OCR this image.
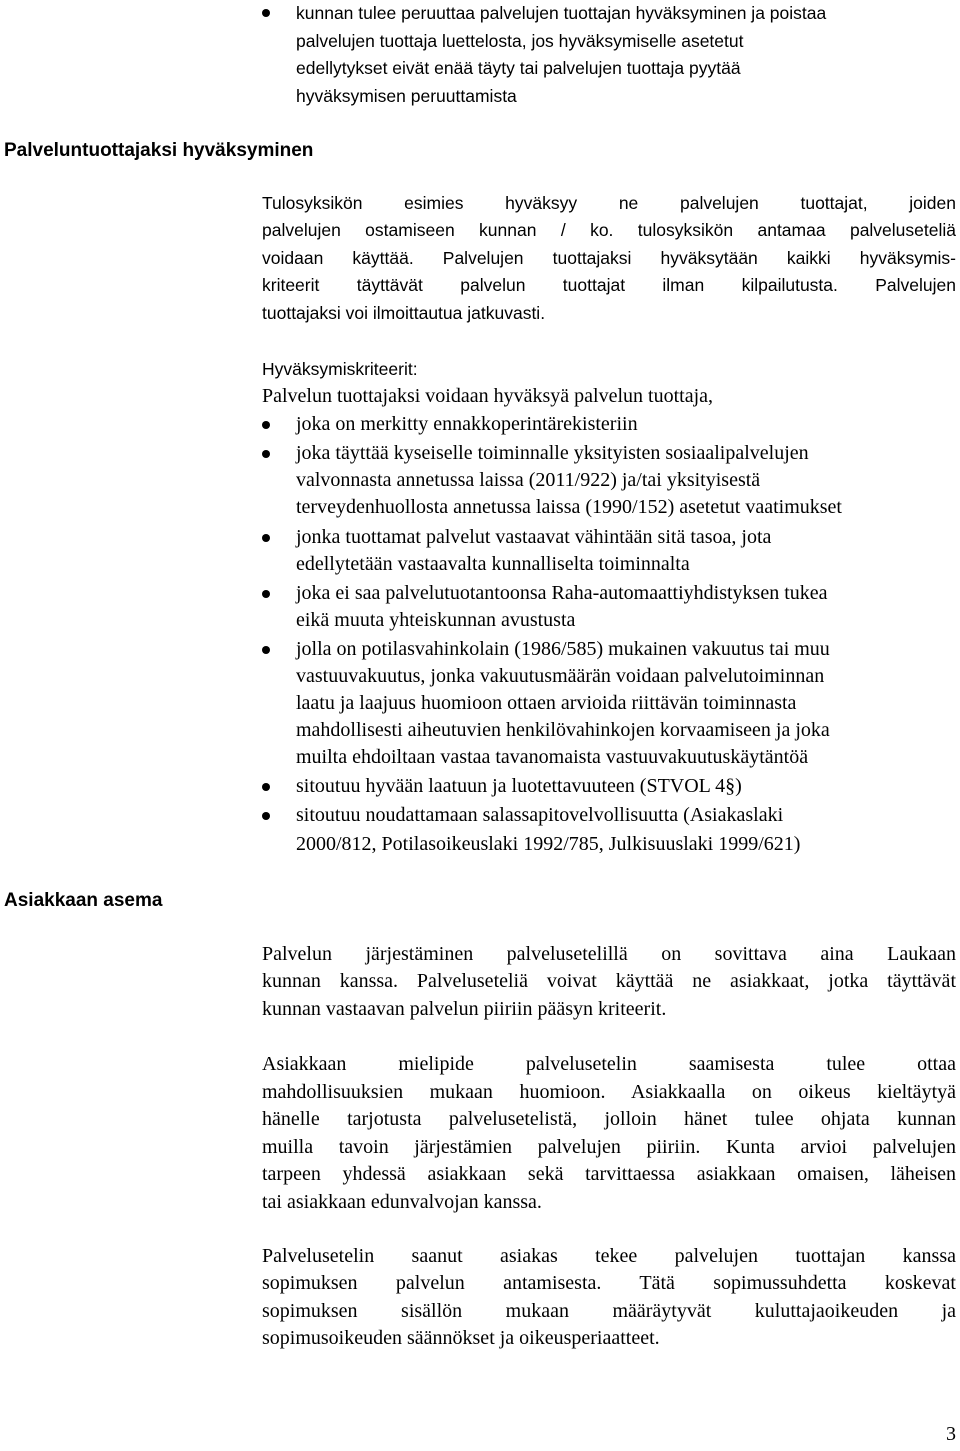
kunnan tulee peruuttaa palvelujen tuottajan hyväksyminen ja poistaa
palvelujen tuottaja luettelosta, jos hyväksymiselle asetetut
edellytykset eivät enää täyty tai palvelujen tuottaja pyytää
hyväksymisen peruuttamista
Palveluntuottajaksi hyväksyminen
Tulosyksikön esimies hyväksyy ne palvelujen tuottajat, joiden
palvelujen ostamiseen kunnan / ko. tulosyksikön antamaa palveluseteliä
voidaan käyttää. Palvelujen tuottajaksi hyväksytään kaikki hyväksymis-
kriteerit täyttävät palvelun tuottajat ilman kilpailutusta. Palvelujen
tuottajaksi voi ilmoittautua jatkuvasti.
Hyväksymiskriteerit:
Palvelun tuottajaksi voidaan hyväksyä palvelun tuottaja,
joka on merkitty ennakkoperintärekisteriin
joka täyttää kyseiselle toiminnalle yksityisten sosiaalipalvelujen
valvonnasta annetussa laissa (2011/922) ja/tai yksityisestä
terveydenhuollosta annetussa laissa (1990/152) asetetut vaatimukset
jonka tuottamat palvelut vastaavat vähintään sitä tasoa, jota
edellytetään vastaavalta kunnalliselta toiminnalta
joka ei saa palvelutuotantoonsa Raha-automaattiyhdistyksen tukea
eikä muuta yhteiskunnan avustusta
jolla on potilasvahinkolain (1986/585) mukainen vakuutus tai muu
vastuuvakuutus, jonka vakuutusmäärän voidaan palvelutoiminnan
laatu ja laajuus huomioon ottaen arvioida riittävän toiminnasta
mahdollisesti aiheutuvien henkilövahinkojen korvaamiseen ja joka
muilta ehdoiltaan vastaa tavanomaista vastuuvakuutuskäytäntöä
sitoutuu hyvään laatuun ja luotettavuuteen (STVOL 4§)
sitoutuu noudattamaan salassapitovelvollisuutta (Asiakaslaki
2000/812, Potilasoikeuslaki 1992/785, Julkisuuslaki 1999/621)
Asiakkaan asema
Palvelun järjestäminen palvelusetelillä on sovittava aina Laukaan
kunnan kanssa. Palveluseteliä voivat käyttää ne asiakkaat, jotka täyttävät
kunnan vastaavan palvelun piiriin pääsyn kriteerit.
Asiakkaan mielipide palvelusetelin saamisesta tulee ottaa
mahdollisuuksien mukaan huomioon. Asiakkaalla on oikeus kieltäytyä
hänelle tarjotusta palvelusetelistä, jolloin hänet tulee ohjata kunnan
muilla tavoin järjestämien palvelujen piiriin. Kunta arvioi palvelujen
tarpeen yhdessä asiakkaan sekä tarvittaessa asiakkaan omaisen, läheisen
tai asiakkaan edunvalvojan kanssa.
Palvelusetelin saanut asiakas tekee palvelujen tuottajan kanssa
sopimuksen palvelun antamisesta. Tätä sopimussuhdetta koskevat
sopimuksen sisällön mukaan määräytyvät kuluttajaoikeuden ja
sopimusoikeuden säännökset ja oikeusperiaatteet.
3
